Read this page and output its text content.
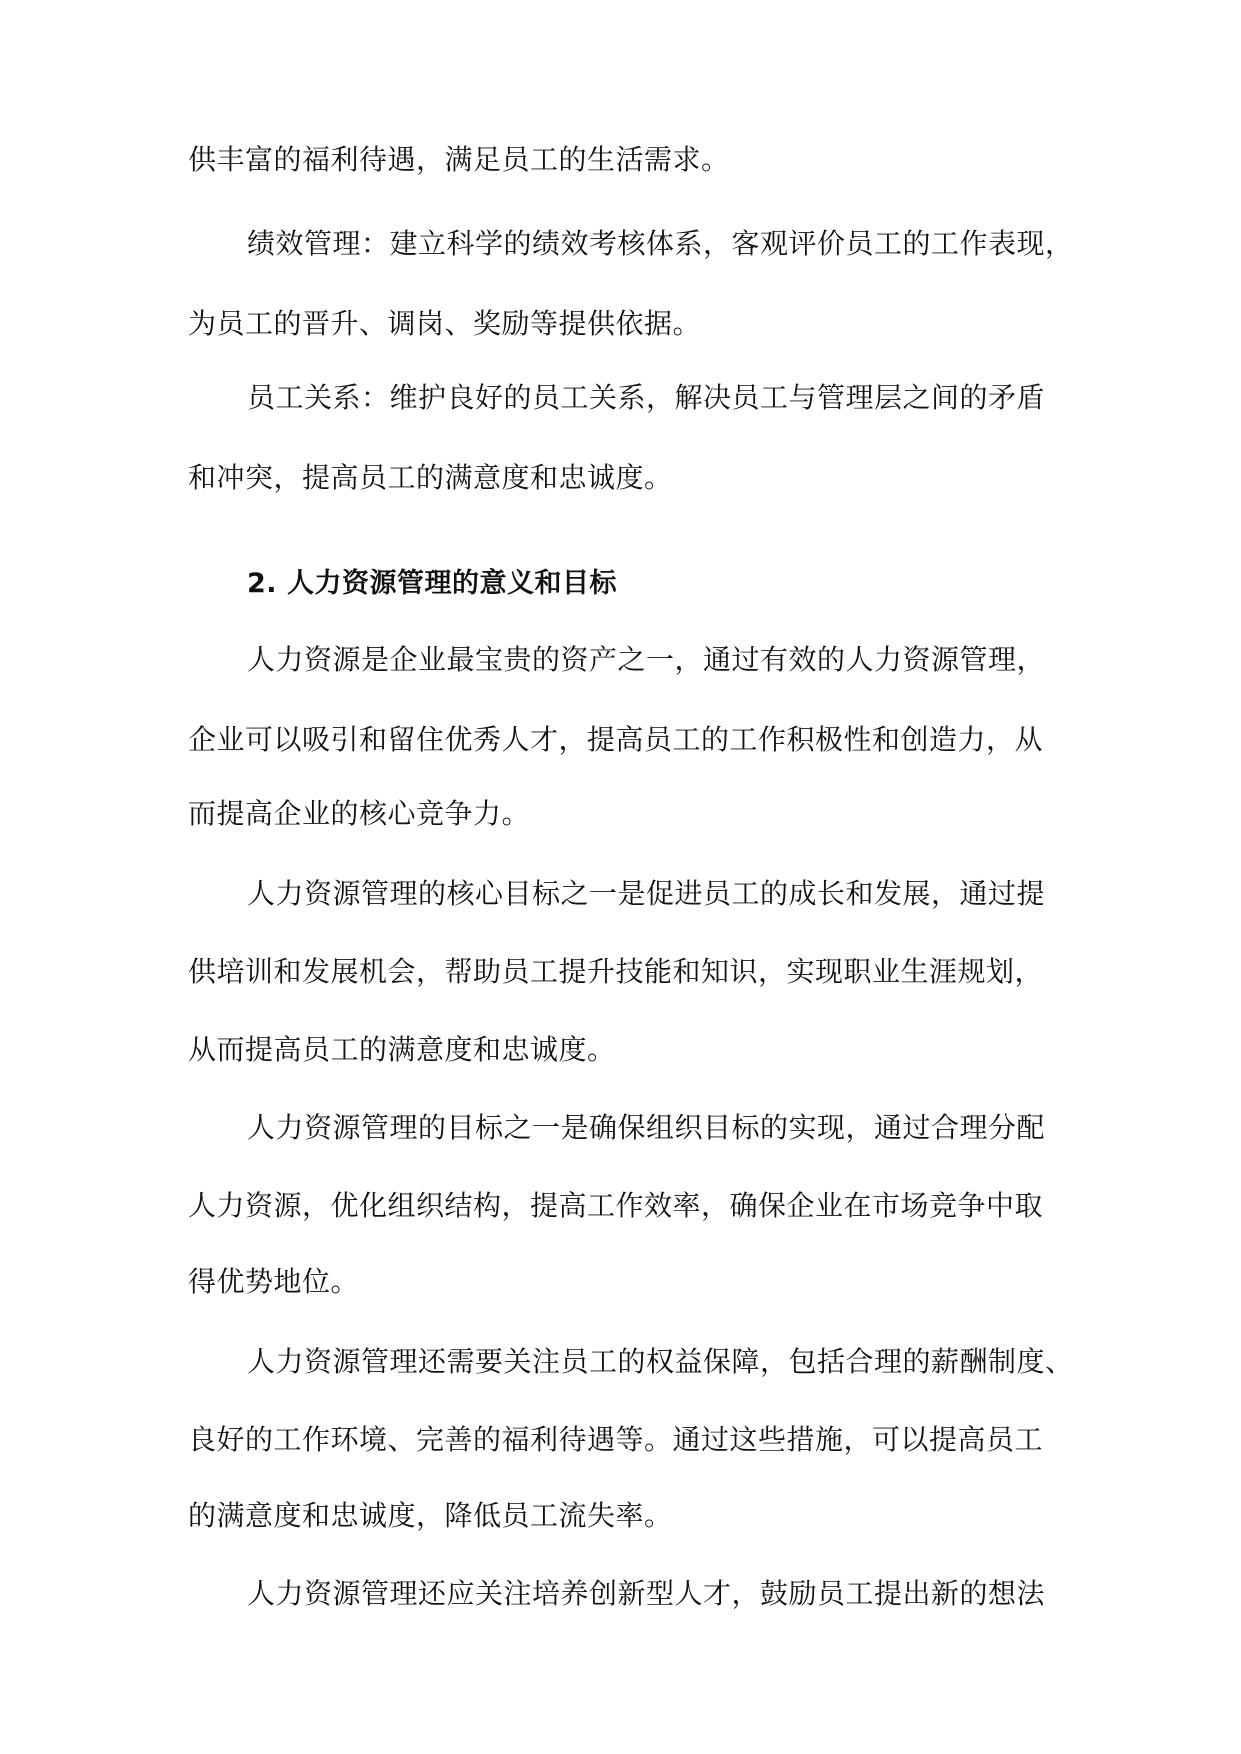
供丰富的福利待遇，满足员工的生活需求。

绩效管理：建立科学的绩效考核体系，客观评价员工的工作表现，

为员工的晋升、调岗、奖励等提供依据。

员工关系：维护良好的员工关系，解决员工与管理层之间的矛盾

和冲突，提高员工的满意度和忠诚度。

2. 人力资源管理的意义和目标

人力资源是企业最宝贵的资产之一，通过有效的人力资源管理，

企业可以吸引和留住优秀人才，提高员工的工作积极性和创造力，从

而提高企业的核心竞争力。

人力资源管理的核心目标之一是促进员工的成长和发展，通过提

供培训和发展机会，帮助员工提升技能和知识，实现职业生涯规划，

从而提高员工的满意度和忠诚度。

人力资源管理的目标之一是确保组织目标的实现，通过合理分配

人力资源，优化组织结构，提高工作效率，确保企业在市场竞争中取

得优势地位。

人力资源管理还需要关注员工的权益保障，包括合理的薪酬制度、

良好的工作环境、完善的福利待遇等。通过这些措施，可以提高员工

的满意度和忠诚度，降低员工流失率。

人力资源管理还应关注培养创新型人才，鼓励员工提出新的想法
